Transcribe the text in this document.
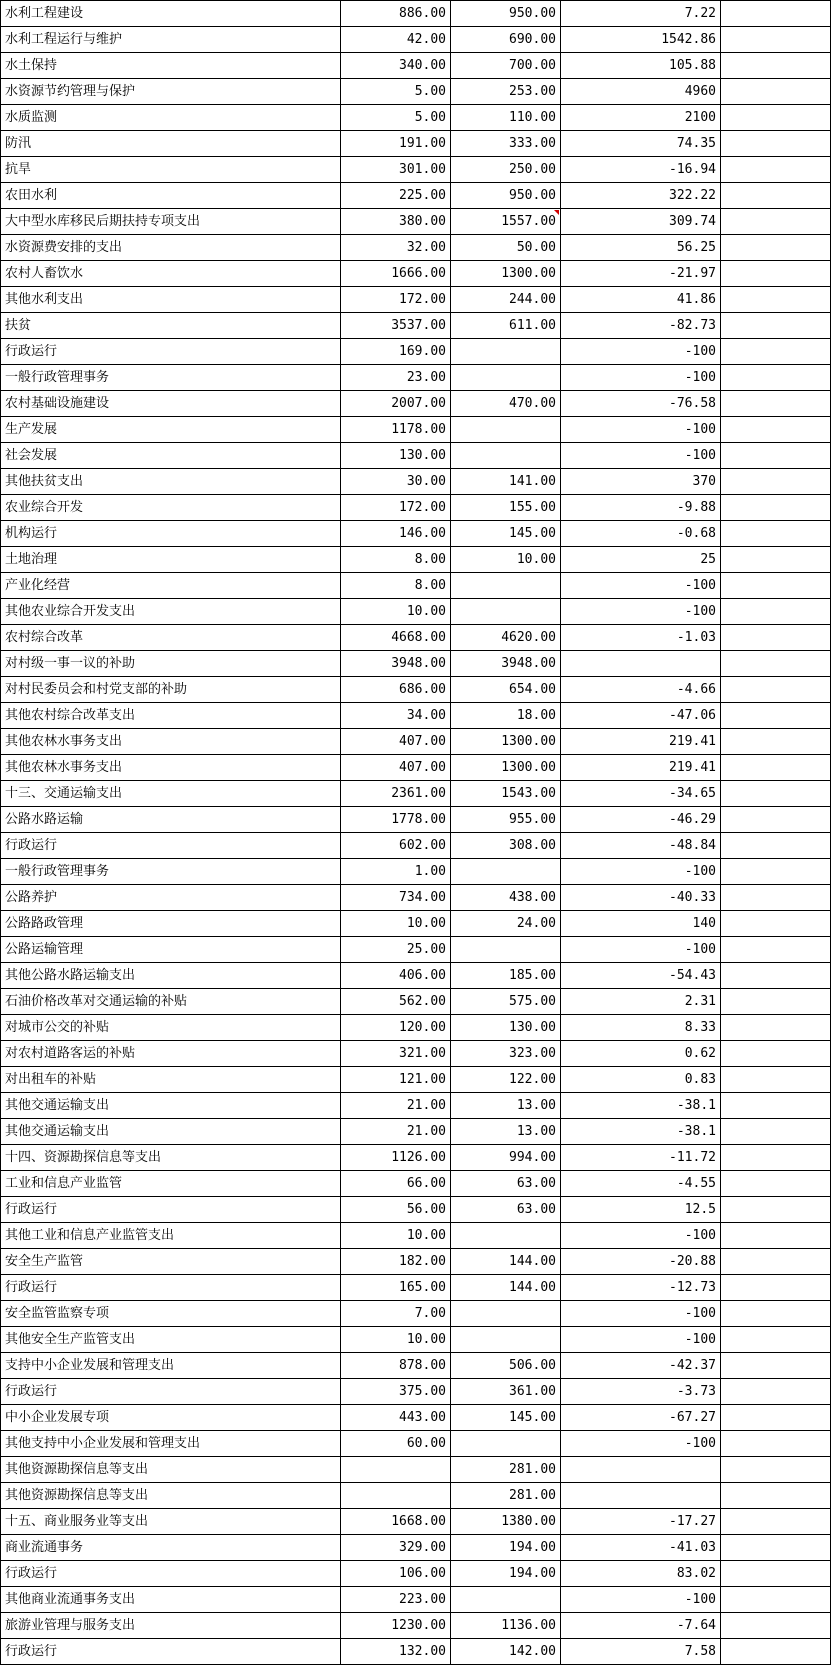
水利工程建设	886.00	950.00	7.22	
水利工程运行与维护	42.00	690.00	1542.86	
水土保持	340.00	700.00	105.88	
水资源节约管理与保护	5.00	253.00	4960	
水质监测	5.00	110.00	2100	
防汛	191.00	333.00	74.35	
抗旱	301.00	250.00	-16.94	
农田水利	225.00	950.00	322.22	
大中型水库移民后期扶持专项支出	380.00	1557.00	309.74	
水资源费安排的支出	32.00	50.00	56.25	
农村人畜饮水	1666.00	1300.00	-21.97	
其他水利支出	172.00	244.00	41.86	
扶贫	3537.00	611.00	-82.73	
行政运行	169.00		-100	
一般行政管理事务	23.00		-100	
农村基础设施建设	2007.00	470.00	-76.58	
生产发展	1178.00		-100	
社会发展	130.00		-100	
其他扶贫支出	30.00	141.00	370	
农业综合开发	172.00	155.00	-9.88	
机构运行	146.00	145.00	-0.68	
土地治理	8.00	10.00	25	
产业化经营	8.00		-100	
其他农业综合开发支出	10.00		-100	
农村综合改革	4668.00	4620.00	-1.03	
对村级一事一议的补助	3948.00	3948.00		
对村民委员会和村党支部的补助	686.00	654.00	-4.66	
其他农村综合改革支出	34.00	18.00	-47.06	
其他农林水事务支出	407.00	1300.00	219.41	
其他农林水事务支出	407.00	1300.00	219.41	
十三、交通运输支出	2361.00	1543.00	-34.65	
公路水路运输	1778.00	955.00	-46.29	
行政运行	602.00	308.00	-48.84	
一般行政管理事务	1.00		-100	
公路养护	734.00	438.00	-40.33	
公路路政管理	10.00	24.00	140	
公路运输管理	25.00		-100	
其他公路水路运输支出	406.00	185.00	-54.43	
石油价格改革对交通运输的补贴	562.00	575.00	2.31	
对城市公交的补贴	120.00	130.00	8.33	
对农村道路客运的补贴	321.00	323.00	0.62	
对出租车的补贴	121.00	122.00	0.83	
其他交通运输支出	21.00	13.00	-38.1	
其他交通运输支出	21.00	13.00	-38.1	
十四、资源勘探信息等支出	1126.00	994.00	-11.72	
工业和信息产业监管	66.00	63.00	-4.55	
行政运行	56.00	63.00	12.5	
其他工业和信息产业监管支出	10.00		-100	
安全生产监管	182.00	144.00	-20.88	
行政运行	165.00	144.00	-12.73	
安全监管监察专项	7.00		-100	
其他安全生产监管支出	10.00		-100	
支持中小企业发展和管理支出	878.00	506.00	-42.37	
行政运行	375.00	361.00	-3.73	
中小企业发展专项	443.00	145.00	-67.27	
其他支持中小企业发展和管理支出	60.00		-100	
其他资源勘探信息等支出		281.00		
其他资源勘探信息等支出		281.00		
十五、商业服务业等支出	1668.00	1380.00	-17.27	
商业流通事务	329.00	194.00	-41.03	
行政运行	106.00	194.00	83.02	
其他商业流通事务支出	223.00		-100	
旅游业管理与服务支出	1230.00	1136.00	-7.64	
行政运行	132.00	142.00	7.58	
